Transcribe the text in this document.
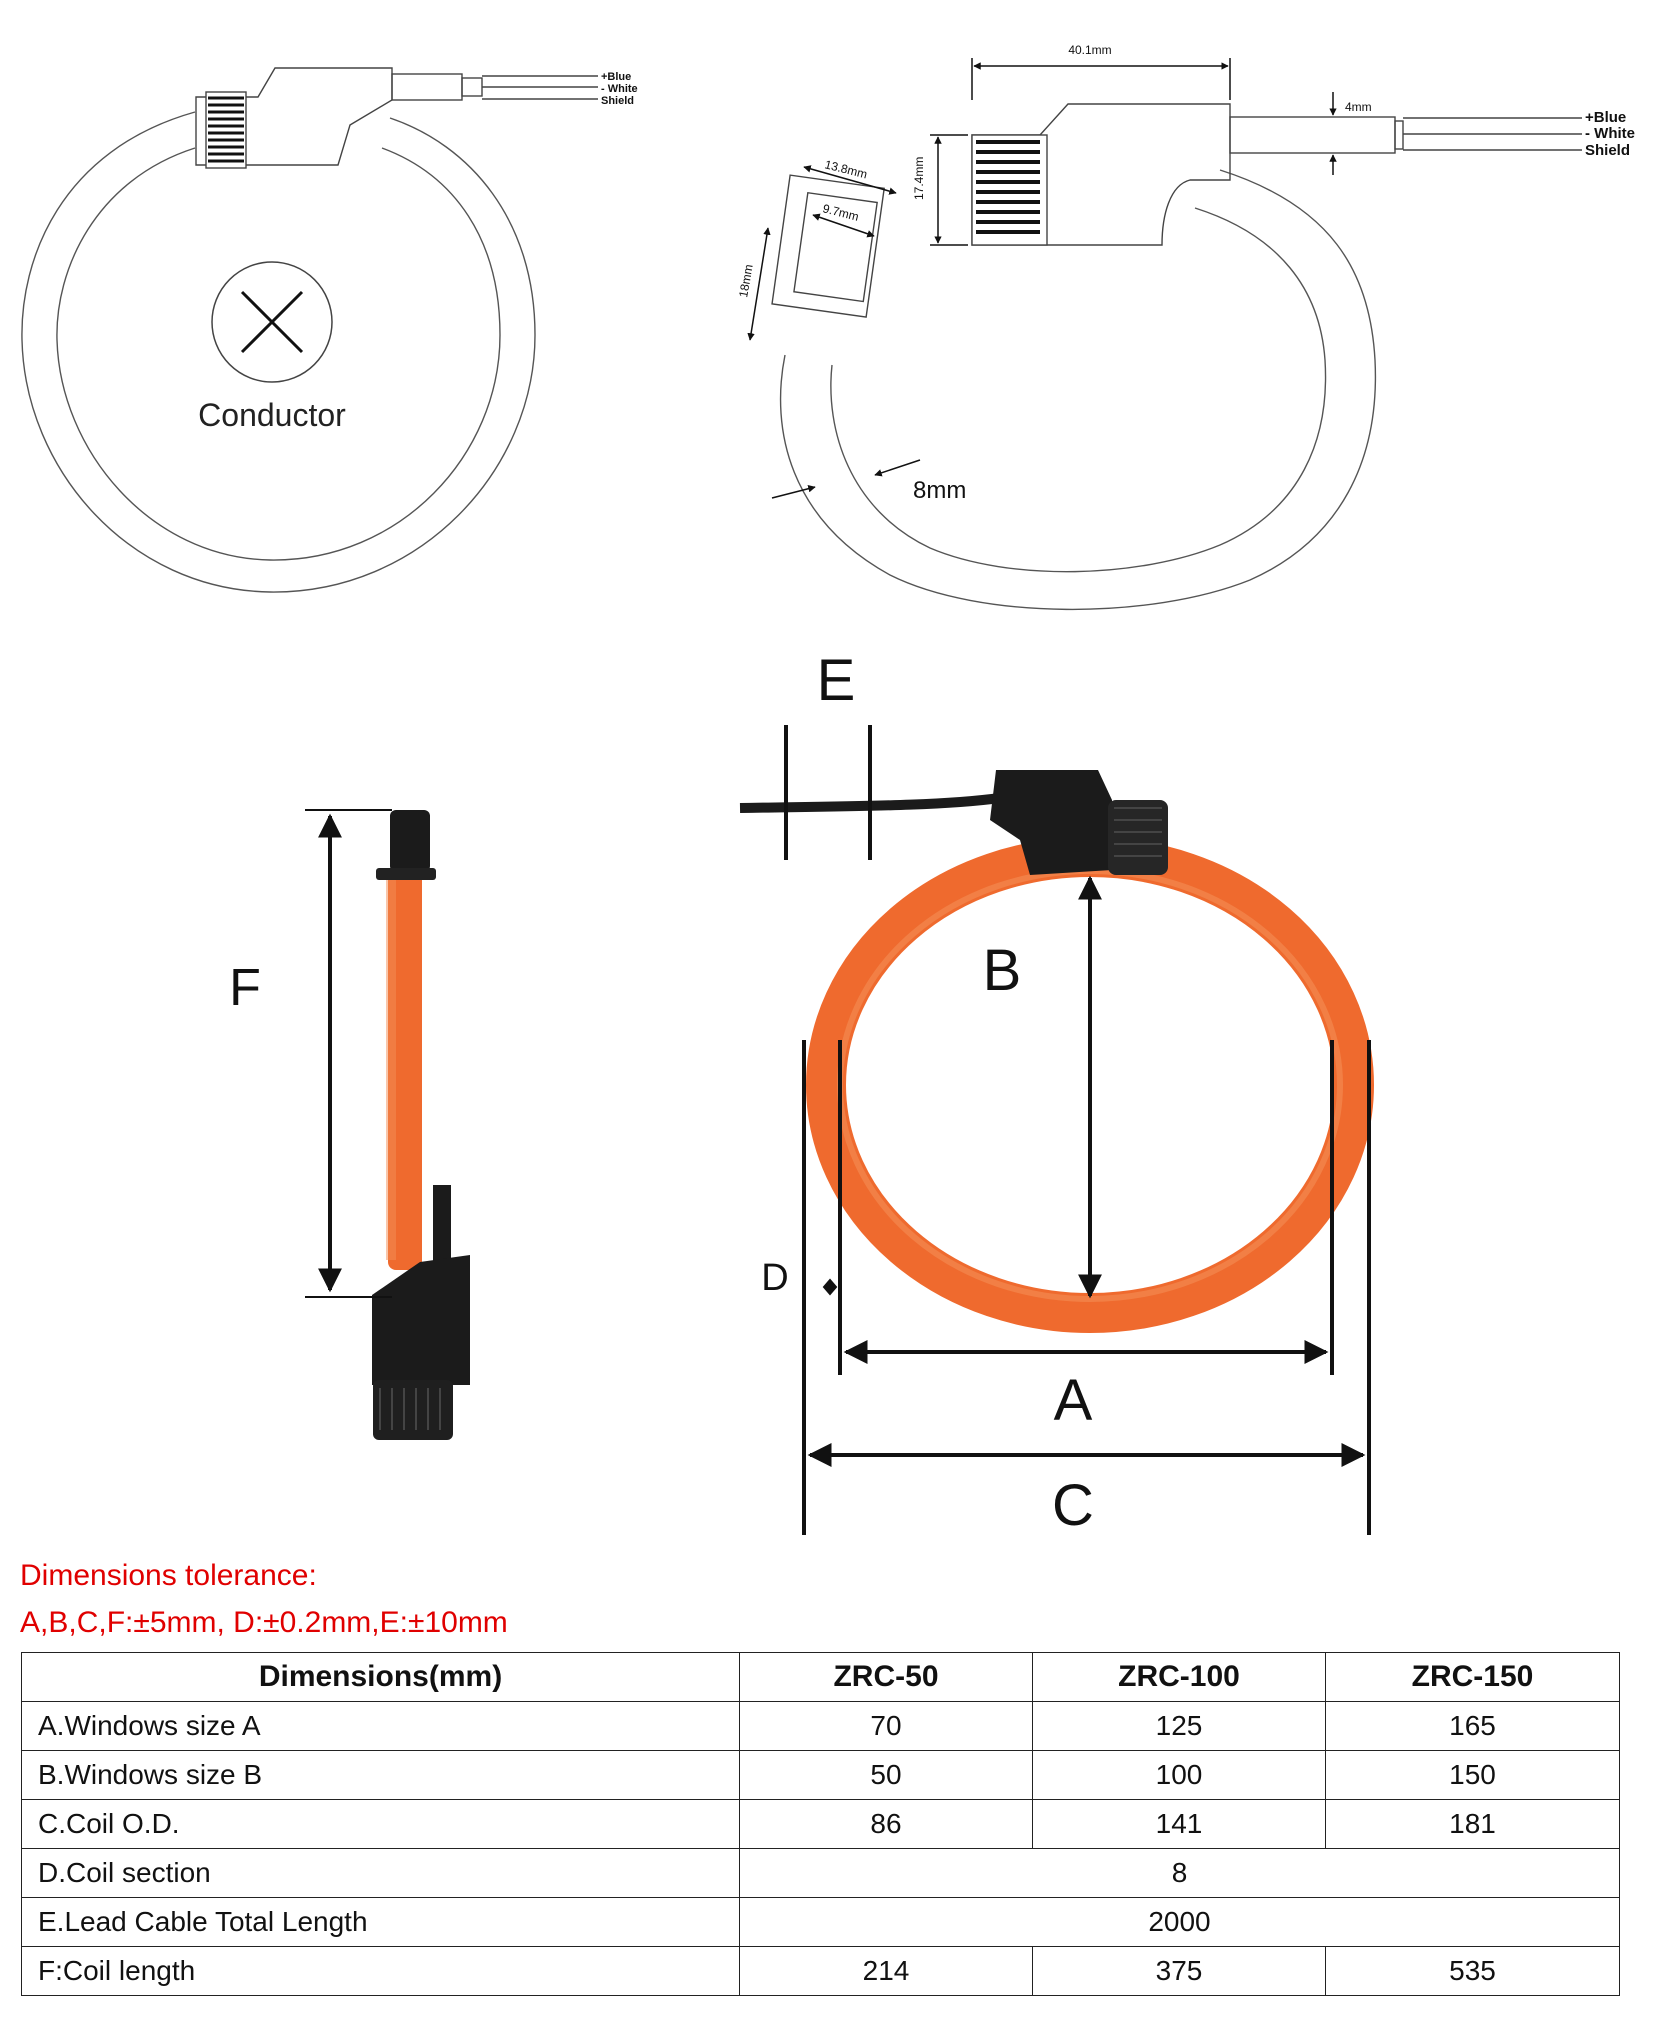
+Blue
- White
Shield
Conductor
40.1mm
4mm
17.4mm
13.8mm
9.7mm
18mm
8mm
+Blue
- White
Shield
F
E
B
D
A
C
Dimensions tolerance:
A,B,C,F:±5mm, D:±0.2mm,E:±10mm
Dimensions(mm)	ZRC-50	ZRC-100	ZRC-150
A.Windows size A	70	125	165
B.Windows size B	50	100	150
C.Coil O.D.	86	141	181
D.Coil section	8		
E.Lead Cable Total Length	2000		
F:Coil length	214	375	535
